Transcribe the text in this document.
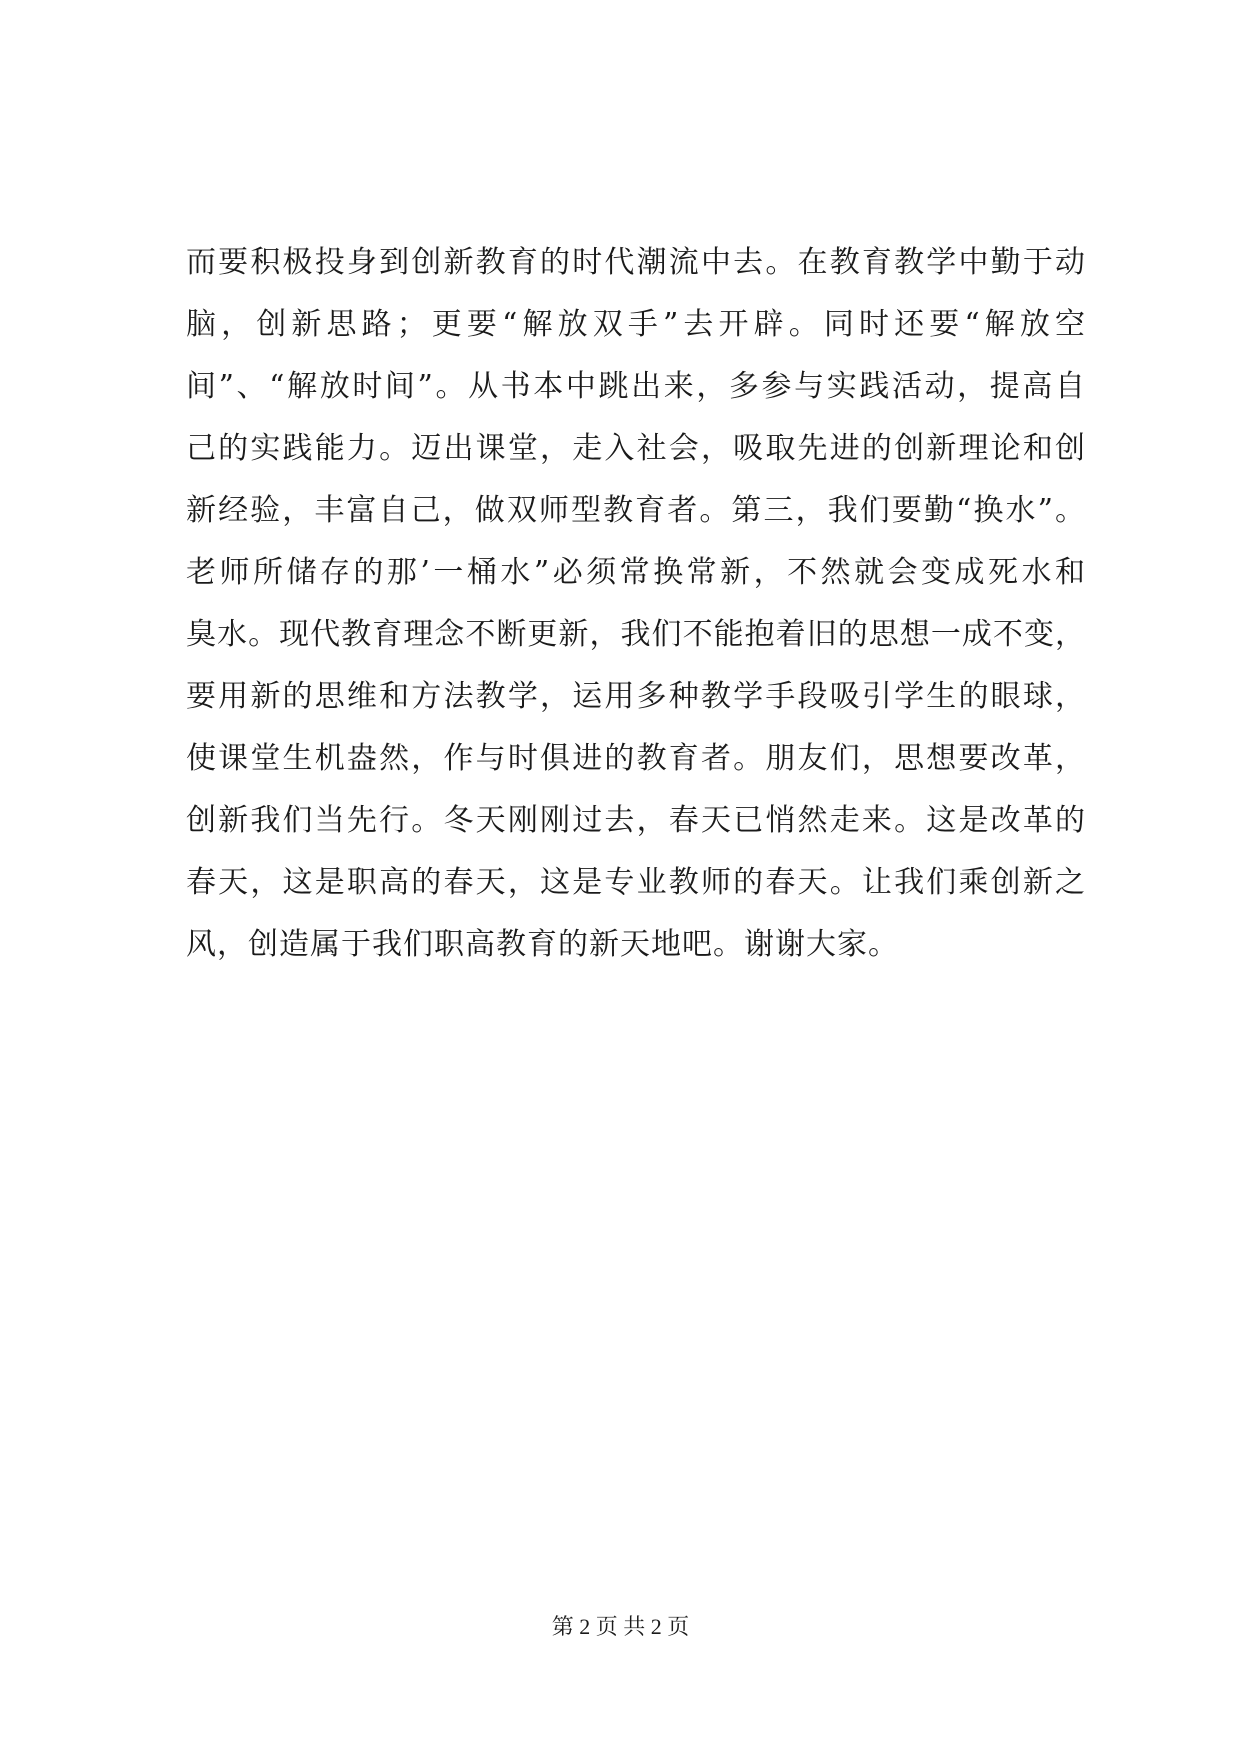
而要积极投身到创新教育的时代潮流中去。在教育教学中勤于动
脑，创新思路；更要“解放双手”去开辟。同时还要“解放空
间”、“解放时间”。从书本中跳出来，多参与实践活动，提高自
己的实践能力。迈出课堂，走入社会，吸取先进的创新理论和创
新经验，丰富自己，做双师型教育者。第三，我们要勤“换水”。
老师所储存的那’一桶水”必须常换常新，不然就会变成死水和
臭水。现代教育理念不断更新，我们不能抱着旧的思想一成不变，
要用新的思维和方法教学，运用多种教学手段吸引学生的眼球，
使课堂生机盎然，作与时俱进的教育者。朋友们，思想要改革，
创新我们当先行。冬天刚刚过去，春天已悄然走来。这是改革的
春天，这是职高的春天，这是专业教师的春天。让我们乘创新之
风，创造属于我们职高教育的新天地吧。谢谢大家。
第 2 页 共 2 页
